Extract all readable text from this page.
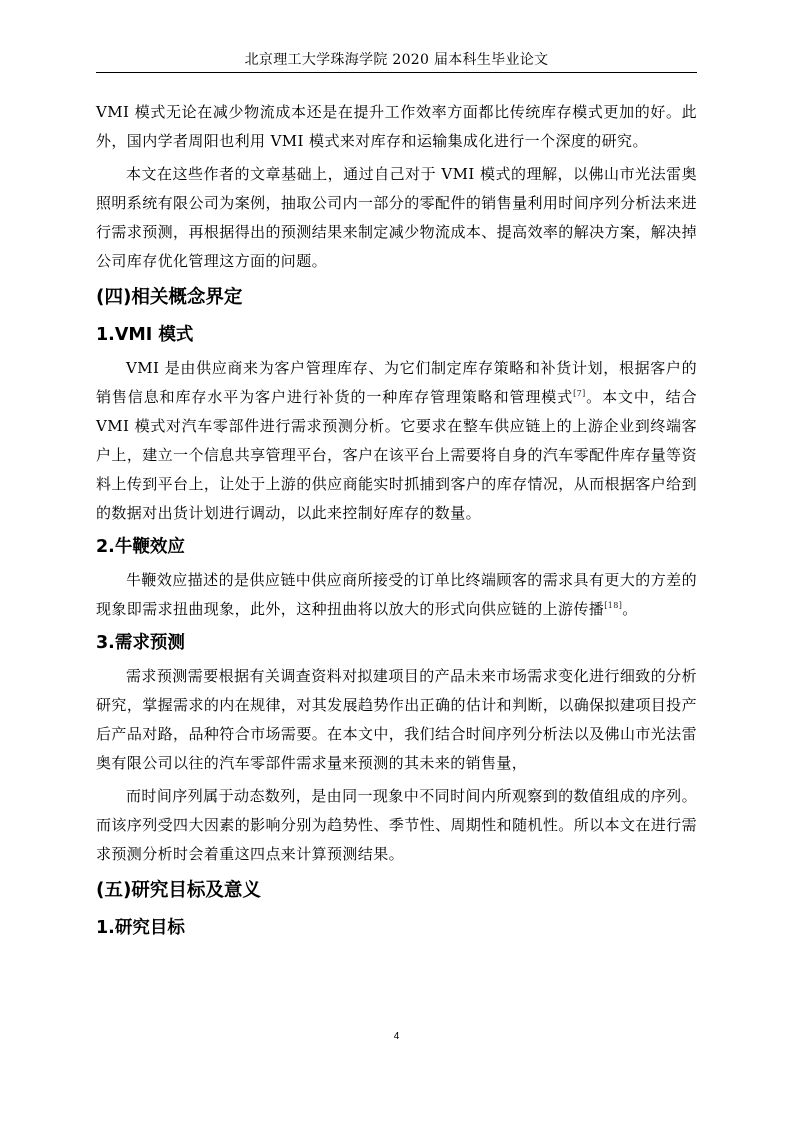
北京理工大学珠海学院 2020 届本科生毕业论文

VMI 模式无论在减少物流成本还是在提升工作效率方面都比传统库存模式更加的好。此外，国内学者周阳也利用 VMI 模式来对库存和运输集成化进行一个深度的研究。

本文在这些作者的文章基础上，通过自己对于 VMI 模式的理解，以佛山市光法雷奥照明系统有限公司为案例，抽取公司内一部分的零配件的销售量利用时间序列分析法来进行需求预测，再根据得出的预测结果来制定减少物流成本、提高效率的解决方案，解决掉公司库存优化管理这方面的问题。

(四)相关概念界定
1.VMI 模式

VMI 是由供应商来为客户管理库存、为它们制定库存策略和补货计划，根据客户的销售信息和库存水平为客户进行补货的一种库存管理策略和管理模式[7]。本文中，结合 VMI 模式对汽车零部件进行需求预测分析。它要求在整车供应链上的上游企业到终端客户上，建立一个信息共享管理平台，客户在该平台上需要将自身的汽车零配件库存量等资料上传到平台上，让处于上游的供应商能实时抓捕到客户的库存情况，从而根据客户给到的数据对出货计划进行调动，以此来控制好库存的数量。

2.牛鞭效应

牛鞭效应描述的是供应链中供应商所接受的订单比终端顾客的需求具有更大的方差的现象即需求扭曲现象，此外，这种扭曲将以放大的形式向供应链的上游传播[18]。

3.需求预测

需求预测需要根据有关调查资料对拟建项目的产品未来市场需求变化进行细致的分析研究，掌握需求的内在规律，对其发展趋势作出正确的估计和判断，以确保拟建项目投产后产品对路，品种符合市场需要。在本文中，我们结合时间序列分析法以及佛山市光法雷奥有限公司以往的汽车零部件需求量来预测的其未来的销售量，

而时间序列属于动态数列，是由同一现象中不同时间内所观察到的数值组成的序列。而该序列受四大因素的影响分别为趋势性、季节性、周期性和随机性。所以本文在进行需求预测分析时会着重这四点来计算预测结果。

(五)研究目标及意义
1.研究目标
4
